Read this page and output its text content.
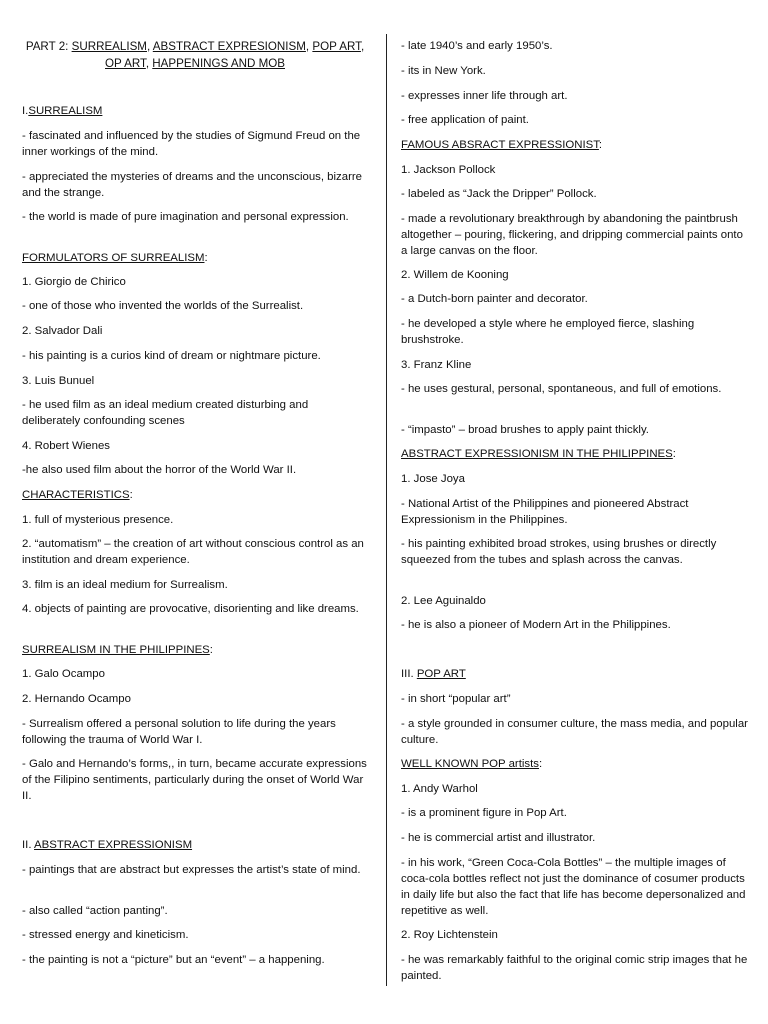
PART 2: SURREALISM, ABSTRACT EXPRESIONISM, POP ART,
OP ART, HAPPENINGS AND MOB

I.SURREALISM

- fascinated and influenced by the studies of Sigmund Freud on the inner workings of the mind.

- appreciated the mysteries of dreams and the unconscious, bizarre and the strange.

- the world is made of pure imagination and personal expression.

FORMULATORS OF SURREALISM:

1. Giorgio de Chirico

- one of those who invented the worlds of the Surrealist.

2. Salvador Dali

- his painting is a curios kind of dream or nightmare picture.

3. Luis Bunuel

- he used film as an ideal medium created disturbing and deliberately confounding scenes

4. Robert Wienes

-he also used film about the horror of the World War II.

CHARACTERISTICS:

1. full of mysterious presence.

2. “automatism” – the creation of art without conscious control as an institution and dream experience.

3. film is an ideal medium for Surrealism.

4. objects of painting are provocative, disorienting and like dreams.

SURREALISM IN THE PHILIPPINES:

1. Galo Ocampo

2. Hernando Ocampo

- Surrealism offered a personal solution to life during the years following the trauma of World War I.

- Galo and Hernando’s forms,, in turn, became accurate expressions of the Filipino sentiments, particularly during the onset of World War II.

II. ABSTRACT EXPRESSIONISM

- paintings that are abstract but expresses the artist’s state of mind.

- also called “action panting”.

- stressed energy and kineticism.

- the painting is not a “picture” but an “event” – a happening.

- late 1940’s and early 1950’s.

- its in New York.

- expresses inner life through art.

- free application of paint.

FAMOUS ABSRACT EXPRESSIONIST:

1. Jackson Pollock

- labeled as “Jack the Dripper” Pollock.

- made a revolutionary breakthrough by abandoning the paintbrush altogether – pouring, flickering, and dripping commercial paints onto a large canvas on the floor.

2. Willem de Kooning

- a Dutch-born painter and decorator.

- he developed a style where he employed fierce, slashing brushstroke.

3. Franz Kline

- he uses gestural, personal, spontaneous, and full of emotions.

- “impasto” – broad brushes to apply paint thickly.

ABSTRACT EXPRESSIONISM IN THE PHILIPPINES:

1. Jose Joya

- National Artist of the Philippines and pioneered Abstract Expressionism in the Philippines.

- his painting exhibited broad strokes, using brushes or directly squeezed from the tubes and splash across the canvas.

2. Lee Aguinaldo

- he is also a pioneer of Modern Art in the Philippines.

III. POP ART

- in short “popular art”

- a style grounded in consumer culture, the mass media, and popular culture.

WELL KNOWN POP artists:

1. Andy Warhol

- is a prominent figure in Pop Art.

- he is commercial artist and illustrator.

- in his work, “Green Coca-Cola Bottles” – the multiple images of coca-cola bottles reflect not just the dominance of cosumer products in daily life but also the fact that life has become depersonalized and repetitive as well.

2. Roy Lichtenstein

- he was remarkably faithful to the original comic strip images that he painted.
